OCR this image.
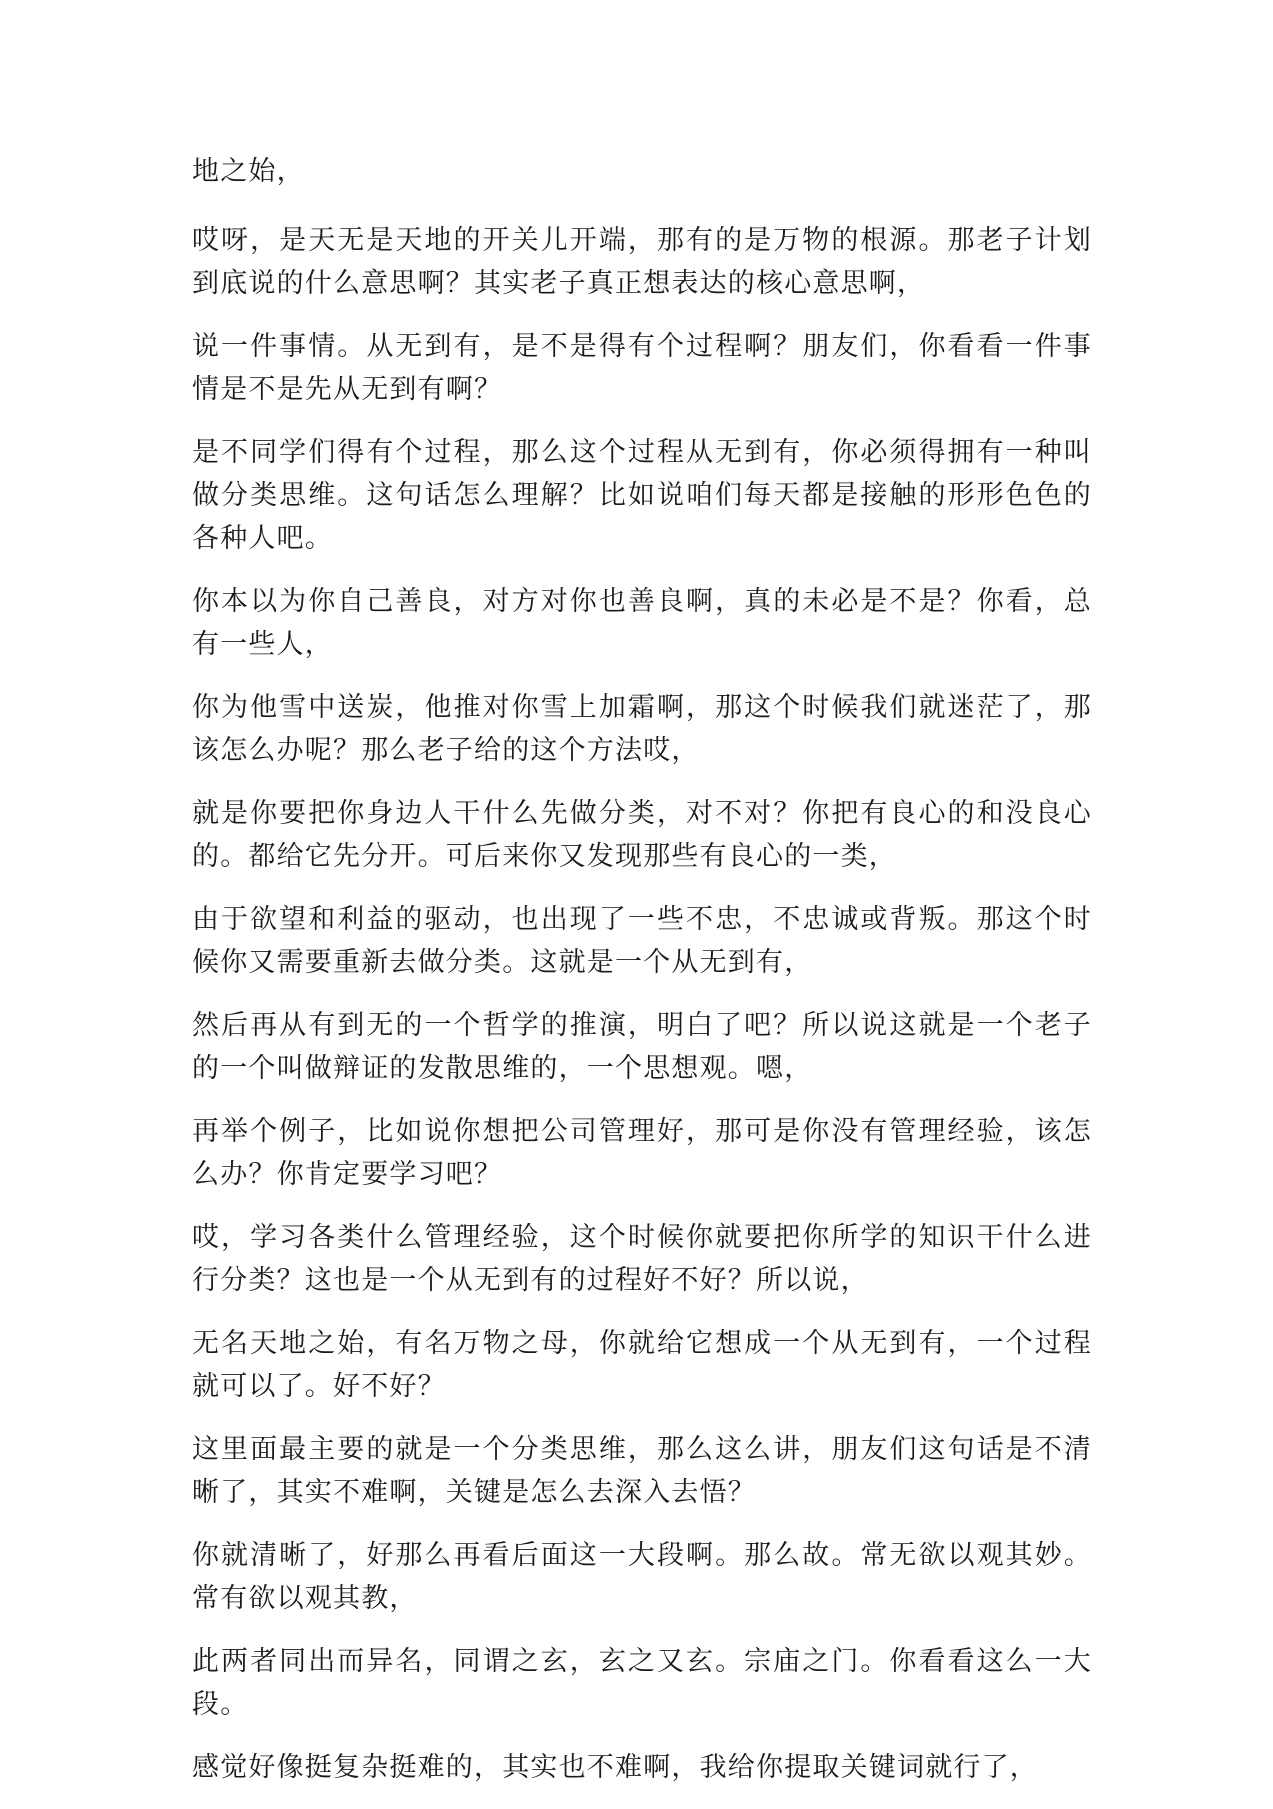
地之始，

哎呀，是天无是天地的开关儿开端，那有的是万物的根源。那老子计划到底说的什么意思啊？其实老子真正想表达的核心意思啊，

说一件事情。从无到有，是不是得有个过程啊？朋友们，你看看一件事情是不是先从无到有啊？

是不同学们得有个过程，那么这个过程从无到有，你必须得拥有一种叫做分类思维。这句话怎么理解？比如说咱们每天都是接触的形形色色的各种人吧。

你本以为你自己善良，对方对你也善良啊，真的未必是不是？你看，总有一些人，

你为他雪中送炭，他推对你雪上加霜啊，那这个时候我们就迷茫了，那该怎么办呢？那么老子给的这个方法哎，

就是你要把你身边人干什么先做分类，对不对？你把有良心的和没良心的。都给它先分开。可后来你又发现那些有良心的一类，

由于欲望和利益的驱动，也出现了一些不忠，不忠诚或背叛。那这个时候你又需要重新去做分类。这就是一个从无到有，

然后再从有到无的一个哲学的推演，明白了吧？所以说这就是一个老子的一个叫做辩证的发散思维的，一个思想观。嗯，

再举个例子，比如说你想把公司管理好，那可是你没有管理经验，该怎么办？你肯定要学习吧？

哎，学习各类什么管理经验，这个时候你就要把你所学的知识干什么进行分类？这也是一个从无到有的过程好不好？所以说，

无名天地之始，有名万物之母，你就给它想成一个从无到有，一个过程就可以了。好不好？

这里面最主要的就是一个分类思维，那么这么讲，朋友们这句话是不清晰了，其实不难啊，关键是怎么去深入去悟？

你就清晰了，好那么再看后面这一大段啊。那么故。常无欲以观其妙。常有欲以观其教，

此两者同出而异名，同谓之玄，玄之又玄。宗庙之门。你看看这么一大段。

感觉好像挺复杂挺难的，其实也不难啊，我给你提取关键词就行了，
